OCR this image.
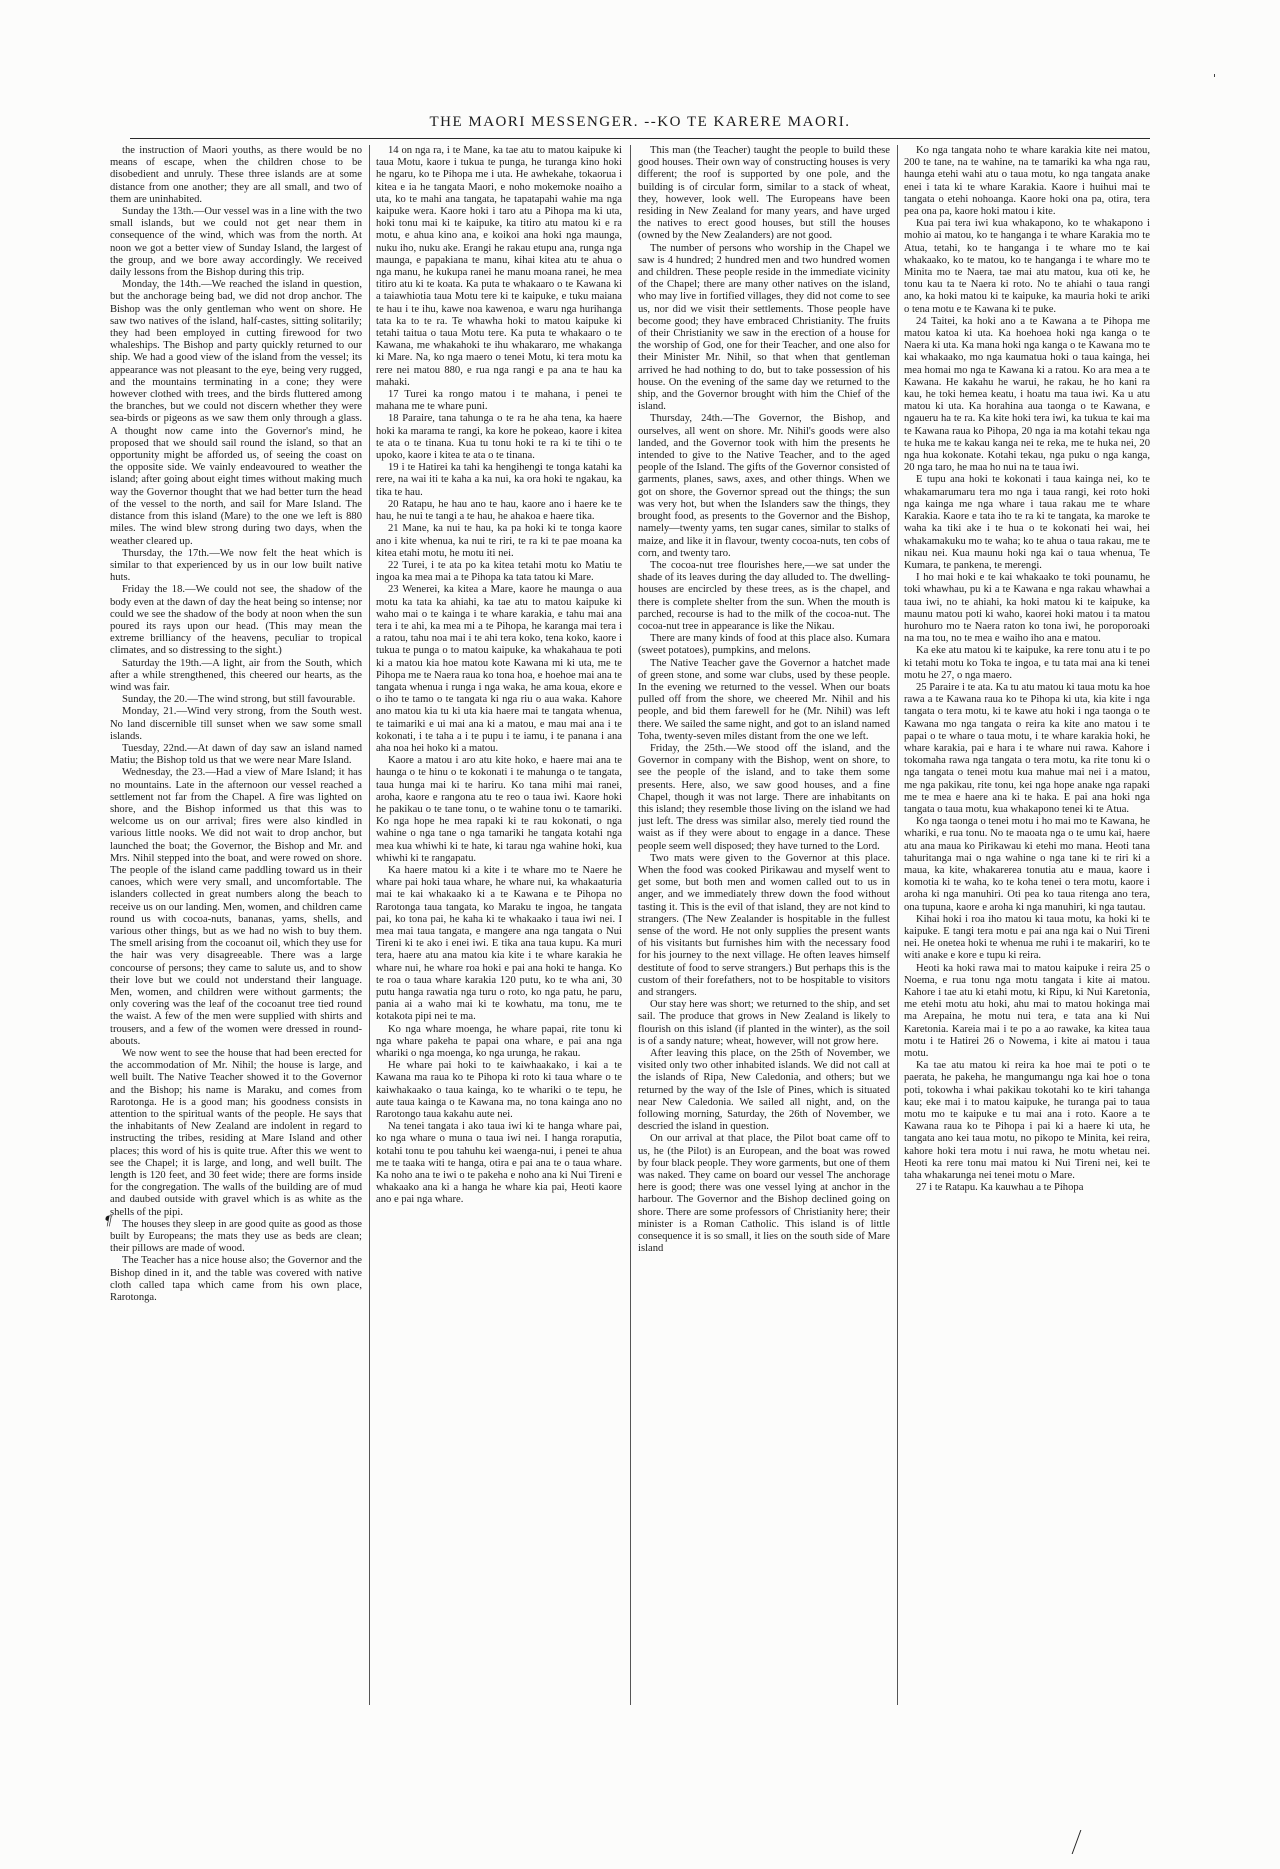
'
THE MAORI MESSENGER. --KO TE KARERE MAORI.

the instruction of Maori youths, as there would be no means of escape, when the children chose to be disobedient and unruly. These three islands are at some distance from one another; they are all small, and two of them are uninhabited.

Sunday the 13th.—Our vessel was in a line with the two small islands, but we could not get near them in consequence of the wind, which was from the north. At noon we got a better view of Sunday Island, the largest of the group, and we bore away accordingly. We received daily lessons from the Bishop during this trip.

Monday, the 14th.—We reached the island in question, but the anchorage being bad, we did not drop anchor. The Bishop was the only gentleman who went on shore. He saw two natives of the island, half-castes, sitting solitarily; they had been employed in cutting firewood for two whaleships. The Bishop and party quickly returned to our ship. We had a good view of the island from the vessel; its appearance was not pleasant to the eye, being very rugged, and the mountains terminating in a cone; they were however clothed with trees, and the birds fluttered among the branches, but we could not discern whether they were sea-birds or pigeons as we saw them only through a glass. A thought now came into the Governor's mind, he proposed that we should sail round the island, so that an opportunity might be afforded us, of seeing the coast on the opposite side. We vainly endeavoured to weather the island; after going about eight times without making much way the Governor thought that we had better turn the head of the vessel to the north, and sail for Mare Island. The distance from this island (Mare) to the one we left is 880 miles. The wind blew strong during two days, when the weather cleared up.

Thursday, the 17th.—We now felt the heat which is similar to that experienced by us in our low built native huts.

Friday the 18.—We could not see, the shadow of the body even at the dawn of day the heat being so intense; nor could we see the shadow of the body at noon when the sun poured its rays upon our head. (This may mean the extreme brilliancy of the heavens, peculiar to tropical climates, and so distressing to the sight.)

Saturday the 19th.—A light, air from the South, which after a while strengthened, this cheered our hearts, as the wind was fair.

Sunday, the 20.—The wind strong, but still favourable.

Monday, 21.—Wind very strong, from the South west. No land discernible till sunset when we saw some small islands.

Tuesday, 22nd.—At dawn of day saw an island named Matiu; the Bishop told us that we were near Mare Island.

Wednesday, the 23.—Had a view of Mare Island; it has no mountains. Late in the afternoon our vessel reached a settlement not far from the Chapel. A fire was lighted on shore, and the Bishop informed us that this was to welcome us on our arrival; fires were also kindled in various little nooks. We did not wait to drop anchor, but launched the boat; the Governor, the Bishop and Mr. and Mrs. Nihil stepped into the boat, and were rowed on shore. The people of the island came paddling toward us in their canoes, which were very small, and uncomfortable. The islanders collected in great numbers along the beach to receive us on our landing. Men, women, and children came round us with cocoa-nuts, bananas, yams, shells, and various other things, but as we had no wish to buy them. The smell arising from the cocoanut oil, which they use for the hair was very disagreeable. There was a large concourse of persons; they came to salute us, and to show their love but we could not understand their language. Men, women, and children were without garments; the only covering was the leaf of the cocoanut tree tied round the waist. A few of the men were supplied with shirts and trousers, and a few of the women were dressed in round-abouts.

We now went to see the house that had been erected for the accommodation of Mr. Nihil; the house is large, and well built. The Native Teacher showed it to the Governor and the Bishop; his name is Maraku, and comes from Rarotonga. He is a good man; his goodness consists in attention to the spiritual wants of the people. He says that the inhabitants of New Zealand are indolent in regard to instructing the tribes, residing at Mare Island and other places; this word of his is quite true. After this we went to see the Chapel; it is large, and long, and well built. The length is 120 feet, and 30 feet wide; there are forms inside for the congregation. The walls of the building are of mud and daubed outside with gravel which is as white as the shells of the pipi.

The houses they sleep in are good quite as good as those built by Europeans; the mats they use as beds are clean; their pillows are made of wood.

The Teacher has a nice house also; the Governor and the Bishop dined in it, and the table was covered with native cloth called tapa which came from his own place, Rarotonga.

14 on nga ra, i te Mane, ka tae atu to matou kaipuke ki taua Motu, kaore i tukua te punga, he turanga kino hoki he ngaru, ko te Pihopa me i uta. He awhekahe, tokaorua i kitea e ia he tangata Maori, e noho mokemoke noaiho a uta, ko te mahi ana tangata, he tapatapahi wahie ma nga kaipuke wera. Kaore hoki i taro atu a Pihopa ma ki uta, hoki tonu mai ki te kaipuke, ka titiro atu matou ki e ra motu, e ahua kino ana, e koikoi ana hoki nga maunga, nuku iho, nuku ake. Erangi he rakau etupu ana, runga nga maunga, e papakiana te manu, kihai kitea atu te ahua o nga manu, he kukupa ranei he manu moana ranei, he mea titiro atu ki te koata. Ka puta te whakaaro o te Kawana ki a taiawhiotia taua Motu tere ki te kaipuke, e tuku maiana te hau i te ihu, kawe noa kawenoa, e waru nga hurihanga tata ka to te ra. Te whawha hoki to matou kaipuke ki tetahi taitua o taua Motu tere. Ka puta te whakaaro o te Kawana, me whakahoki te ihu whakararo, me whakanga ki Mare. Na, ko nga maero o tenei Motu, ki tera motu ka rere nei matou 880, e rua nga rangi e pa ana te hau ka mahaki.

17 Turei ka rongo matou i te mahana, i penei te mahana me te whare puni.

18 Paraire, tana tahunga o te ra he aha tena, ka haere hoki ka marama te rangi, ka kore he pokeao, kaore i kitea te ata o te tinana. Kua tu tonu hoki te ra ki te tihi o te upoko, kaore i kitea te ata o te tinana.

19 i te Hatirei ka tahi ka hengihengi te tonga katahi ka rere, na wai iti te kaha a ka nui, ka ora hoki te ngakau, ka tika te hau.

20 Ratapu, he hau ano te hau, kaore ano i haere ke te hau, he nui te tangi a te hau, he ahakoa e haere tika.

21 Mane, ka nui te hau, ka pa hoki ki te tonga kaore ano i kite whenua, ka nui te riri, te ra ki te pae moana ka kitea etahi motu, he motu iti nei.

22 Turei, i te ata po ka kitea tetahi motu ko Matiu te ingoa ka mea mai a te Pihopa ka tata tatou ki Mare.

23 Wenerei, ka kitea a Mare, kaore he maunga o aua motu ka tata ka ahiahi, ka tae atu to matou kaipuke ki waho mai o te kainga i te whare karakia, e tahu mai ana tera i te ahi, ka mea mi a te Pihopa, he karanga mai tera i a ratou, tahu noa mai i te ahi tera koko, tena koko, kaore i tukua te punga o to matou kaipuke, ka whakahaua te poti ki a matou kia hoe matou kote Kawana mi ki uta, me te Pihopa me te Naera raua ko tona hoa, e hoehoe mai ana te tangata whenua i runga i nga waka, he ama koua, ekore e o iho te tamo o te tangata ki nga riu o aua waka. Kahore ano matou kia tu ki uta kia haere mai te tangata whenua, te taimariki e ui mai ana ki a matou, e mau mai ana i te kokonati, i te taha a i te pupu i te iamu, i te panana i ana aha noa hei hoko ki a matou.

Kaore a matou i aro atu kite hoko, e haere mai ana te haunga o te hinu o te kokonati i te mahunga o te tangata, taua hunga mai ki te hariru. Ko tana mihi mai ranei, aroha, kaore e rangona atu te reo o taua iwi. Kaore hoki he pakikau o te tane tonu, o te wahine tonu o te tamariki. Ko nga hope he mea rapaki ki te rau kokonati, o nga wahine o nga tane o nga tamariki he tangata kotahi nga mea kua whiwhi ki te hate, ki tarau nga wahine hoki, kua whiwhi ki te rangapatu.

Ka haere matou ki a kite i te whare mo te Naere he whare pai hoki taua whare, he whare nui, ka whakaaturia mai te kai whakaako ki a te Kawana e te Pihopa no Rarotonga taua tangata, ko Maraku te ingoa, he tangata pai, ko tona pai, he kaha ki te whakaako i taua iwi nei. I mea mai taua tangata, e mangere ana nga tangata o Nui Tireni ki te ako i enei iwi. E tika ana taua kupu. Ka muri tera, haere atu ana matou kia kite i te whare karakia he whare nui, he whare roa hoki e pai ana hoki te hanga. Ko te roa o taua whare karakia 120 putu, ko te wha ani, 30 putu hanga rawatia nga turu o roto, ko nga patu, he paru, pania ai a waho mai ki te kowhatu, ma tonu, me te kotakota pipi nei te ma.

Ko nga whare moenga, he whare papai, rite tonu ki nga whare pakeha te papai ona whare, e pai ana nga whariki o nga moenga, ko nga urunga, he rakau.

He whare pai hoki to te kaiwhaakako, i kai a te Kawana ma raua ko te Pihopa ki roto ki taua whare o te kaiwhakaako o taua kainga, ko te whariki o te tepu, he aute taua kainga o te Kawana ma, no tona kainga ano no Rarotongo taua kakahu aute nei.

Na tenei tangata i ako taua iwi ki te hanga whare pai, ko nga whare o muna o taua iwi nei. I hanga roraputia, kotahi tonu te pou tahuhu kei waenga-nui, i penei te ahua me te taaka witi te hanga, otira e pai ana te o taua whare. Ka noho ana te iwi o te pakeha e noho ana ki Nui Tireni e whakaako ana ki a hanga he whare kia pai, Heoti kaore ano e pai nga whare.

This man (the Teacher) taught the people to build these good houses. Their own way of constructing houses is very different; the roof is supported by one pole, and the building is of circular form, similar to a stack of wheat, they, however, look well. The Europeans have been residing in New Zealand for many years, and have urged the natives to erect good houses, but still the houses (owned by the New Zealanders) are not good.

The number of persons who worship in the Chapel we saw is 4 hundred; 2 hundred men and two hundred women and children. These people reside in the immediate vicinity of the Chapel; there are many other natives on the island, who may live in fortified villages, they did not come to see us, nor did we visit their settlements. Those people have become good; they have embraced Christianity. The fruits of their Christianity we saw in the erection of a house for the worship of God, one for their Teacher, and one also for their Minister Mr. Nihil, so that when that gentleman arrived he had nothing to do, but to take possession of his house. On the evening of the same day we returned to the ship, and the Governor brought with him the Chief of the island.

Thursday, 24th.—The Governor, the Bishop, and ourselves, all went on shore. Mr. Nihil's goods were also landed, and the Governor took with him the presents he intended to give to the Native Teacher, and to the aged people of the Island. The gifts of the Governor consisted of garments, planes, saws, axes, and other things. When we got on shore, the Governor spread out the things; the sun was very hot, but when the Islanders saw the things, they brought food, as presents to the Governor and the Bishop, namely—twenty yams, ten sugar canes, similar to stalks of maize, and like it in flavour, twenty cocoa-nuts, ten cobs of corn, and twenty taro.

The cocoa-nut tree flourishes here,—we sat under the shade of its leaves during the day alluded to. The dwelling-houses are encircled by these trees, as is the chapel, and there is complete shelter from the sun. When the mouth is parched, recourse is had to the milk of the cocoa-nut. The cocoa-nut tree in appearance is like the Nikau.

There are many kinds of food at this place also. Kumara (sweet potatoes), pumpkins, and melons.

The Native Teacher gave the Governor a hatchet made of green stone, and some war clubs, used by these people. In the evening we returned to the vessel. When our boats pulled off from the shore, we cheered Mr. Nihil and his people, and bid them farewell for he (Mr. Nihil) was left there. We sailed the same night, and got to an island named Toha, twenty-seven miles distant from the one we left.

Friday, the 25th.—We stood off the island, and the Governor in company with the Bishop, went on shore, to see the people of the island, and to take them some presents. Here, also, we saw good houses, and a fine Chapel, though it was not large. There are inhabitants on this island; they resemble those living on the island we had just left. The dress was similar also, merely tied round the waist as if they were about to engage in a dance. These people seem well disposed; they have turned to the Lord.

Two mats were given to the Governor at this place. When the food was cooked Pirikawau and myself went to get some, but both men and women called out to us in anger, and we immediately threw down the food without tasting it. This is the evil of that island, they are not kind to strangers. (The New Zealander is hospitable in the fullest sense of the word. He not only supplies the present wants of his visitants but furnishes him with the necessary food for his journey to the next village. He often leaves himself destitute of food to serve strangers.) But perhaps this is the custom of their forefathers, not to be hospitable to visitors and strangers.

Our stay here was short; we returned to the ship, and set sail. The produce that grows in New Zealand is likely to flourish on this island (if planted in the winter), as the soil is of a sandy nature; wheat, however, will not grow here.

After leaving this place, on the 25th of November, we visited only two other inhabited islands. We did not call at the islands of Ripa, New Caledonia, and others; but we returned by the way of the Isle of Pines, which is situated near New Caledonia. We sailed all night, and, on the following morning, Saturday, the 26th of November, we descried the island in question.

On our arrival at that place, the Pilot boat came off to us, he (the Pilot) is an European, and the boat was rowed by four black people. They wore garments, but one of them was naked. They came on board our vessel The anchorage here is good; there was one vessel lying at anchor in the harbour. The Governor and the Bishop declined going on shore. There are some professors of Christianity here; their minister is a Roman Catholic. This island is of little consequence it is so small, it lies on the south side of Mare island

Ko nga tangata noho te whare karakia kite nei matou, 200 te tane, na te wahine, na te tamariki ka wha nga rau, haunga etehi wahi atu o taua motu, ko nga tangata anake enei i tata ki te whare Karakia. Kaore i huihui mai te tangata o etehi nohoanga. Kaore hoki ona pa, otira, tera pea ona pa, kaore hoki matou i kite.

Kua pai tera iwi kua whakapono, ko te whakapono i mohio ai matou, ko te hanganga i te whare Karakia mo te Atua, tetahi, ko te hanganga i te whare mo te kai whakaako, ko te matou, ko te hanganga i te whare mo te Minita mo te Naera, tae mai atu matou, kua oti ke, he tonu kau ta te Naera ki roto. No te ahiahi o taua rangi ano, ka hoki matou ki te kaipuke, ka mauria hoki te ariki o tena motu e te Kawana ki te puke.

24 Taitei, ka hoki ano a te Kawana a te Pihopa me matou katoa ki uta. Ka hoehoea hoki nga kanga o te Naera ki uta. Ka mana hoki nga kanga o te Kawana mo te kai whakaako, mo nga kaumatua hoki o taua kainga, hei mea homai mo nga te Kawana ki a ratou. Ko ara mea a te Kawana. He kakahu he warui, he rakau, he ho kani ra kau, he toki hemea keatu, i hoatu ma taua iwi. Ka u atu matou ki uta. Ka horahina aua taonga o te Kawana, e ngaueru ha te ra. Ka kite hoki tera iwi, ka tukua te kai ma te Kawana raua ko Pihopa, 20 nga ia ma kotahi tekau nga te huka me te kakau kanga nei te reka, me te huka nei, 20 nga hua kokonate. Kotahi tekau, nga puku o nga kanga, 20 nga taro, he maa ho nui na te taua iwi.

E tupu ana hoki te kokonati i taua kainga nei, ko te whakamarumaru tera mo nga i taua rangi, kei roto hoki nga kainga me nga whare i taua rakau me te whare Karakia. Kaore e tata iho te ra ki te tangata, ka maroke te waha ka tiki ake i te hua o te kokonati hei wai, hei whakamakuku mo te waha; ko te ahua o taua rakau, me te nikau nei. Kua maunu hoki nga kai o taua whenua, Te Kumara, te pankena, te merengi.

I ho mai hoki e te kai whakaako te toki pounamu, he toki whawhau, pu ki a te Kawana e nga rakau whawhai a taua iwi, no te ahiahi, ka hoki matou ki te kaipuke, ka maunu matou poti ki waho, kaorei hoki matou i ta matou hurohuro mo te Naera raton ko tona iwi, he poroporoaki na ma tou, no te mea e waiho iho ana e matou.

Ka eke atu matou ki te kaipuke, ka rere tonu atu i te po ki tetahi motu ko Toka te ingoa, e tu tata mai ana ki tenei motu he 27, o nga maero.

25 Paraire i te ata. Ka tu atu matou ki taua motu ka hoe rawa a te Kawana raua ko te Pihopa ki uta, kia kite i nga tangata o tera motu, ki te kawe atu hoki i nga taonga o te Kawana mo nga tangata o reira ka kite ano matou i te papai o te whare o taua motu, i te whare karakia hoki, he whare karakia, pai e hara i te whare nui rawa. Kahore i tokomaha rawa nga tangata o tera motu, ka rite tonu ki o nga tangata o tenei motu kua mahue mai nei i a matou, me nga pakikau, rite tonu, kei nga hope anake nga rapaki me te mea e haere ana ki te haka. E pai ana hoki nga tangata o taua motu, kua whakapono tenei ki te Atua.

Ko nga taonga o tenei motu i ho mai mo te Kawana, he whariki, e rua tonu. No te maoata nga o te umu kai, haere atu ana maua ko Pirikawau ki etehi mo mana. Heoti tana tahuritanga mai o nga wahine o nga tane ki te riri ki a maua, ka kite, whakarerea tonutia atu e maua, kaore i komotia ki te waha, ko te koha tenei o tera motu, kaore i aroha ki nga manuhiri. Oti pea ko taua ritenga ano tera, ona tupuna, kaore e aroha ki nga manuhiri, ki nga tautau.

Kihai hoki i roa iho matou ki taua motu, ka hoki ki te kaipuke. E tangi tera motu e pai ana nga kai o Nui Tireni nei. He onetea hoki te whenua me ruhi i te makariri, ko te witi anake e kore e tupu ki reira.

Heoti ka hoki rawa mai to matou kaipuke i reira 25 o Noema, e rua tonu nga motu tangata i kite ai matou. Kahore i tae atu ki etahi motu, ki Ripu, ki Nui Karetonia, me etehi motu atu hoki, ahu mai to matou hokinga mai ma Arepaina, he motu nui tera, e tata ana ki Nui Karetonia. Kareia mai i te po a ao rawake, ka kitea taua motu i te Hatirei 26 o Nowema, i kite ai matou i taua motu.

Ka tae atu matou ki reira ka hoe mai te poti o te paerata, he pakeha, he mangumangu nga kai hoe o tona poti, tokowha i whai pakikau tokotahi ko te kiri tahanga kau; eke mai i to matou kaipuke, he turanga pai to taua motu mo te kaipuke e tu mai ana i roto. Kaore a te Kawana raua ko te Pihopa i pai ki a haere ki uta, he tangata ano kei taua motu, no pikopo te Minita, kei reira, kahore hoki tera motu i nui rawa, he motu whetau nei. Heoti ka rere tonu mai matou ki Nui Tireni nei, kei te taha whakarunga nei tenei motu o Mare.

27 i te Ratapu. Ka kauwhau a te Pihopa

¶
